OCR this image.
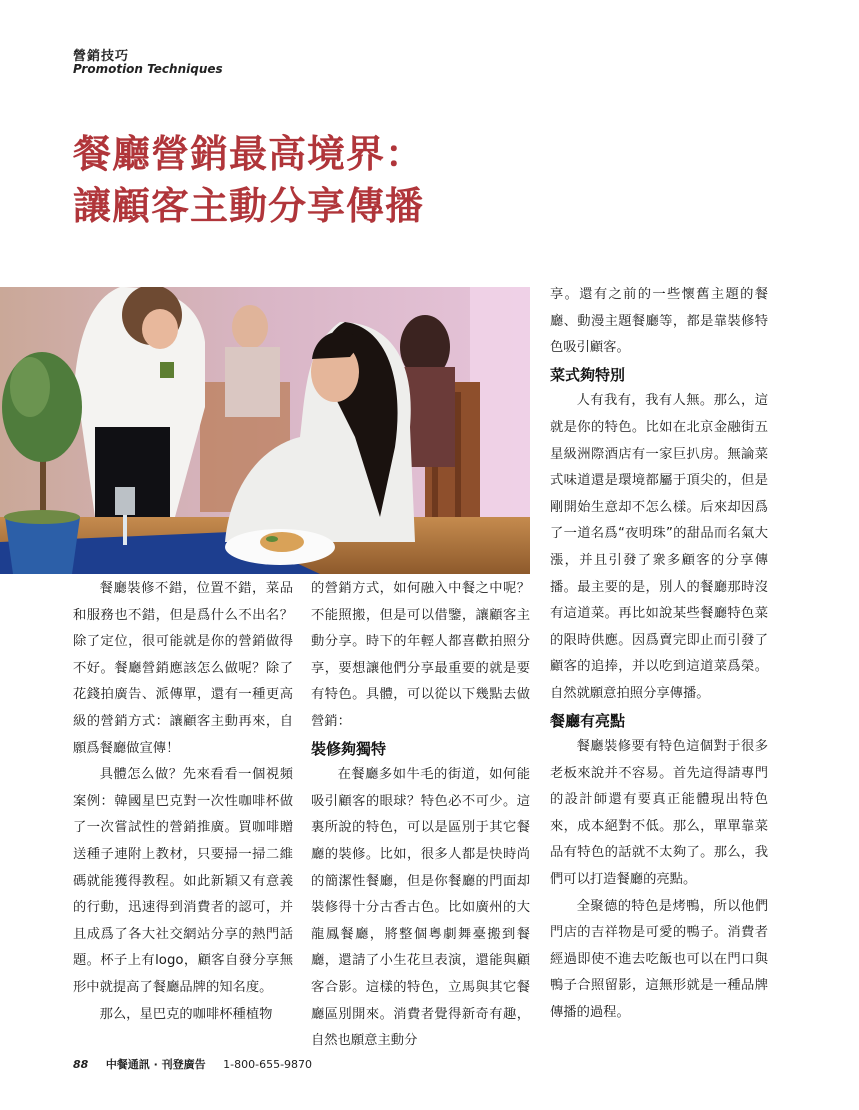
營銷技巧
Promotion Techniques
餐廳營銷最高境界：
讓顧客主動分享傳播

餐廳裝修不錯，位置不錯，菜品和服務也不錯，但是爲什么不出名？除了定位，很可能就是你的營銷做得不好。餐廳營銷應該怎么做呢？除了花錢拍廣告、派傳單，還有一種更高級的營銷方式：讓顧客主動再來，自願爲餐廳做宣傳！

具體怎么做？先來看看一個視頻案例：韓國星巴克對一次性咖啡杯做了一次嘗試性的營銷推廣。買咖啡贈送種子連附上教材，只要掃一掃二維碼就能獲得教程。如此新穎又有意義的行動，迅速得到消費者的認可，并且成爲了各大社交網站分享的熱門話題。杯子上有logo，顧客自發分享無形中就提高了餐廳品牌的知名度。

那么，星巴克的咖啡杯種植物

的營銷方式，如何融入中餐之中呢？不能照搬，但是可以借鑒，讓顧客主動分享。時下的年輕人都喜歡拍照分享，要想讓他們分享最重要的就是要有特色。具體，可以從以下幾點去做營銷：

裝修夠獨特

在餐廳多如牛毛的街道，如何能吸引顧客的眼球？特色必不可少。這裏所說的特色，可以是區別于其它餐廳的裝修。比如，很多人都是快時尚的簡潔性餐廳，但是你餐廳的門面却裝修得十分古香古色。比如廣州的大龍鳳餐廳，將整個粵劇舞臺搬到餐廳，還請了小生花旦表演，還能與顧客合影。這樣的特色，立馬與其它餐廳區別開來。消費者覺得新奇有趣，自然也願意主動分

享。還有之前的一些懷舊主題的餐廳、動漫主題餐廳等，都是靠裝修特色吸引顧客。

菜式夠特別

人有我有，我有人無。那么，這就是你的特色。比如在北京金融街五星級洲際酒店有一家巨扒房。無論菜式味道還是環境都屬于頂尖的，但是剛開始生意却不怎么樣。后來却因爲了一道名爲“夜明珠”的甜品而名氣大漲，并且引發了衆多顧客的分享傳播。最主要的是，別人的餐廳那時沒有這道菜。再比如說某些餐廳特色菜的限時供應。因爲賣完即止而引發了顧客的追捧，并以吃到這道菜爲榮。自然就願意拍照分享傳播。

餐廳有亮點

餐廳裝修要有特色這個對于很多老板來說并不容易。首先這得請專門的設計師還有要真正能體現出特色來，成本絕對不低。那么，單單靠菜品有特色的話就不太夠了。那么，我們可以打造餐廳的亮點。

全聚德的特色是烤鴨，所以他們門店的吉祥物是可愛的鴨子。消費者經過即使不進去吃飯也可以在門口與鴨子合照留影，這無形就是一種品牌傳播的過程。

88 中餐通訊 · 刊登廣告 1-800-655-9870
